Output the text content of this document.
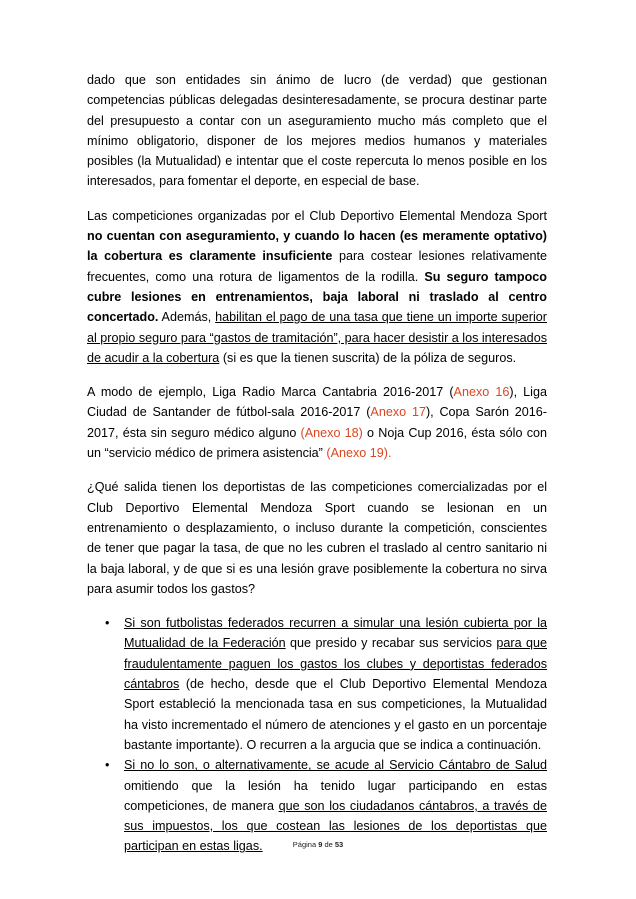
dado que son entidades sin ánimo de lucro (de verdad) que gestionan competencias públicas delegadas desinteresadamente, se procura destinar parte del presupuesto a contar con un aseguramiento mucho más completo que el mínimo obligatorio, disponer de los mejores medios humanos y materiales posibles (la Mutualidad) e intentar que el coste repercuta lo menos posible en los interesados, para fomentar el deporte, en especial de base.

Las competiciones organizadas por el Club Deportivo Elemental Mendoza Sport no cuentan con aseguramiento, y cuando lo hacen (es meramente optativo) la cobertura es claramente insuficiente para costear lesiones relativamente frecuentes, como una rotura de ligamentos de la rodilla. Su seguro tampoco cubre lesiones en entrenamientos, baja laboral ni traslado al centro concertado. Además, habilitan el pago de una tasa que tiene un importe superior al propio seguro para “gastos de tramitación”, para hacer desistir a los interesados de acudir a la cobertura (si es que la tienen suscrita) de la póliza de seguros.

A modo de ejemplo, Liga Radio Marca Cantabria 2016-2017 (Anexo 16), Liga Ciudad de Santander de fútbol-sala 2016-2017 (Anexo 17), Copa Sarón 2016-2017, ésta sin seguro médico alguno (Anexo 18) o Noja Cup 2016, ésta sólo con un “servicio médico de primera asistencia” (Anexo 19).

¿Qué salida tienen los deportistas de las competiciones comercializadas por el Club Deportivo Elemental Mendoza Sport cuando se lesionan en un entrenamiento o desplazamiento, o incluso durante la competición, conscientes de tener que pagar la tasa, de que no les cubren el traslado al centro sanitario ni la baja laboral, y de que si es una lesión grave posiblemente la cobertura no sirva para asumir todos los gastos?

• Si son futbolistas federados recurren a simular una lesión cubierta por la Mutualidad de la Federación que presido y recabar sus servicios para que fraudulentamente paguen los gastos los clubes y deportistas federados cántabros (de hecho, desde que el Club Deportivo Elemental Mendoza Sport estableció la mencionada tasa en sus competiciones, la Mutualidad ha visto incrementado el número de atenciones y el gasto en un porcentaje bastante importante). O recurren a la argucia que se indica a continuación.
• Si no lo son, o alternativamente, se acude al Servicio Cántabro de Salud omitiendo que la lesión ha tenido lugar participando en estas competiciones, de manera que son los ciudadanos cántabros, a través de sus impuestos, los que costean las lesiones de los deportistas que participan en estas ligas.	Página 9 de 53
